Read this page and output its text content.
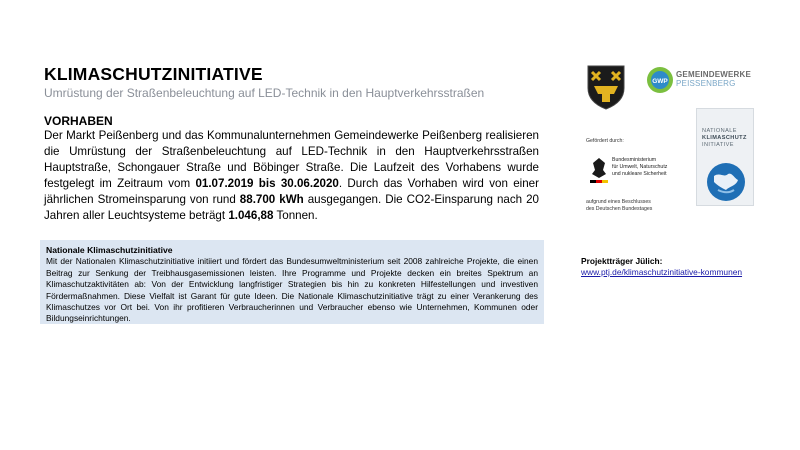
KLIMASCHUTZINITIATIVE
Umrüstung der Straßenbeleuchtung auf LED-Technik in den Hauptverkehrsstraßen
VORHABEN
Der Markt Peißenberg und das Kommunalunternehmen Gemeindewerke Peißenberg realisieren die Umrüstung der Straßenbeleuchtung auf LED-Technik in den Hauptverkehrsstraßen Hauptstraße, Schongauer Straße und Böbinger Straße. Die Laufzeit des Vorhabens wurde festgelegt im Zeitraum vom 01.07.2019 bis 30.06.2020. Durch das Vorhaben wird von einer jährlichen Stromeinsparung von rund 88.700 kWh ausgegangen. Die CO2-Einsparung nach 20 Jahren aller Leuchtsysteme beträgt 1.046,88 Tonnen.
Nationale Klimaschutzinitiative
Mit der Nationalen Klimaschutzinitiative initiiert und fördert das Bundesumweltministerium seit 2008 zahlreiche Projekte, die einen Beitrag zur Senkung der Treibhausgasemissionen leisten. Ihre Programme und Projekte decken ein breites Spektrum an Klimaschutzaktivitäten ab: Von der Entwicklung langfristiger Strategien bis hin zu konkreten Hilfestellungen und investiven Fördermaßnahmen. Diese Vielfalt ist Garant für gute Ideen. Die Nationale Klimaschutzinitiative trägt zu einer Verankerung des Klimaschutzes vor Ort bei. Von ihr profitieren Verbraucherinnen und Verbraucher ebenso wie Unternehmen, Kommunen oder Bildungseinrichtungen.
GWP
GEMEINDEWERKE
PEISSENBERG
Gefördert durch:
Bundesministerium
für Umwelt, Naturschutz
und nukleare Sicherheit
aufgrund eines Beschlusses
des Deutschen Bundestages
NATIONALE
KLIMASCHUTZ
INITIATIVE
Projektträger Jülich:
www.ptj.de/klimaschutzinitiative-kommunen
